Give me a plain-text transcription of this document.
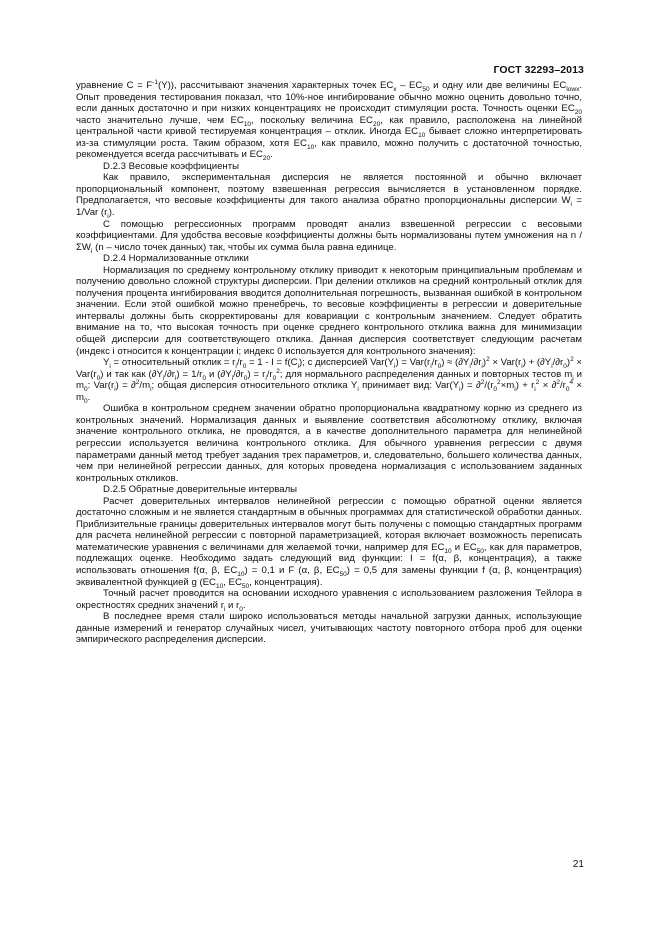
ГОСТ 32293–2013

уравнение $C = F^{-1}(Y)$), рассчитывают значения характерных точек $EC_x - EC_{50}$ и одну или две величины $EC_{lowx}$. Опыт проведения тестирования показал, что 10%-ное ингибирование обычно можно оценить довольно точно, если данных достаточно и при низких концентрациях не происходит стимуляции роста. Точность оценки $EC_{20}$ часто значительно лучше, чем $EC_{10}$, поскольку величина $EC_{20}$, как правило, расположена на линейной центральной части кривой тестируемая концентрация – отклик. Иногда $EC_{10}$ бывает сложно интерпретировать из-за стимуляции роста. Таким образом, хотя $EC_{10}$, как правило, можно получить с достаточной точностью, рекомендуется всегда рассчитывать и $EC_{20}$.

D.2.3 Весовые коэффициенты

Как правило, экспериментальная дисперсия не является постоянной и обычно включает пропорциональный компонент, поэтому взвешенная регрессия вычисляется в установленном порядке. Предполагается, что весовые коэффициенты для такого анализа обратно пропорциональны дисперсии $W_i = 1/Var$ $(r_i)$.

С помощью регрессионных программ проводят анализ взвешенной регрессии с весовыми коэффициентами. Для удобства весовые коэффициенты должны быть нормализованы путем умножения на n / $\Sigma W_i$ (n – число точек данных) так, чтобы их сумма была равна единице.

D.2.4 Нормализованные отклики

Нормализация по среднему контрольному отклику приводит к некоторым принципиальным проблемам и получению довольно сложной структуры дисперсии. При делении откликов на средний контрольный отклик для получения процента ингибирования вводится дополнительная погрешность, вызванная ошибкой в контрольном значении. Если этой ошибкой можно пренебречь, то весовые коэффициенты в регрессии и доверительные интервалы должны быть скорректированы для ковариации с контрольным значением. Следует обратить внимание на то, что высокая точность при оценке среднего контрольного отклика важна для минимизации общей дисперсии для соответствующего отклика. Данная дисперсия соответствует следующим расчетам (индекс i относится к концентрации i; индекс 0 используется для контрольного значения):

$Y_i$ = относительный отклик = $r_i/r_0 = 1 - I = f(C_i)$; с дисперсией $Var(Y_i) = Var(r_i/r_0) \approx (\partial Y_i/\partial r_i)^2 \times Var(r_i) + (\partial Y_i/\partial r_0)^2 \times Var(r_0)$ и так как $(\partial Y_i/\partial r_i) = 1/r_0$ и $(\partial Y_i/\partial r_0) = r_i/r_0^2$; для нормального распределения данных и повторных тестов $m_i$ и $m_0$: $Var(r_i) = \partial^2/m_i$; общая дисперсия относительного отклика $Y_i$ принимает вид: $Var(Y_i) = \partial^2/(r_0^2\times m_i) + r_i^2 \times \partial^2/r_0^4 \times m_0$.

Ошибка в контрольном среднем значении обратно пропорциональна квадратному корню из среднего из контрольных значений. Нормализация данных и выявление соответствия абсолютному отклику, включая значение контрольного отклика, не проводятся, а в качестве дополнительного параметра для нелинейной регрессии используется величина контрольного отклика. Для обычного уравнения регрессии с двумя параметрами данный метод требует задания трех параметров, и, следовательно, большего количества данных, чем при нелинейной регрессии данных, для которых проведена нормализация с использованием заданных контрольных откликов.

D.2.5 Обратные доверительные интервалы

Расчет доверительных интервалов нелинейной регрессии с помощью обратной оценки является достаточно сложным и не является стандартным в обычных программах для статистической обработки данных. Приблизительные границы доверительных интервалов могут быть получены с помощью стандартных программ для расчета нелинейной регрессии с повторной параметризацией, которая включает возможность переписать математические уравнения с величинами для желаемой точки, например для $EC_{10}$ и $EC_{50}$, как для параметров, подлежащих оценке. Необходимо задать следующий вид функции: I = f(α, β, концентрация), а также использовать отношения f(α, β, $EC_{10}) = 0,1$ и F (α, β, $EC_{50}) = 0,5$ для замены функции f (α, β, концентрация) эквивалентной функцией g ($EC_{10}$, $EC_{50}$, концентрация).

Точный расчет проводится на основании исходного уравнения с использованием разложения Тейлора в окрестностях средних значений $r_i$ и $r_0$.

В последнее время стали широко использоваться методы начальной загрузки данных, использующие данные измерений и генератор случайных чисел, учитывающих частоту повторного отбора проб для оценки эмпирического распределения дисперсии.

21
